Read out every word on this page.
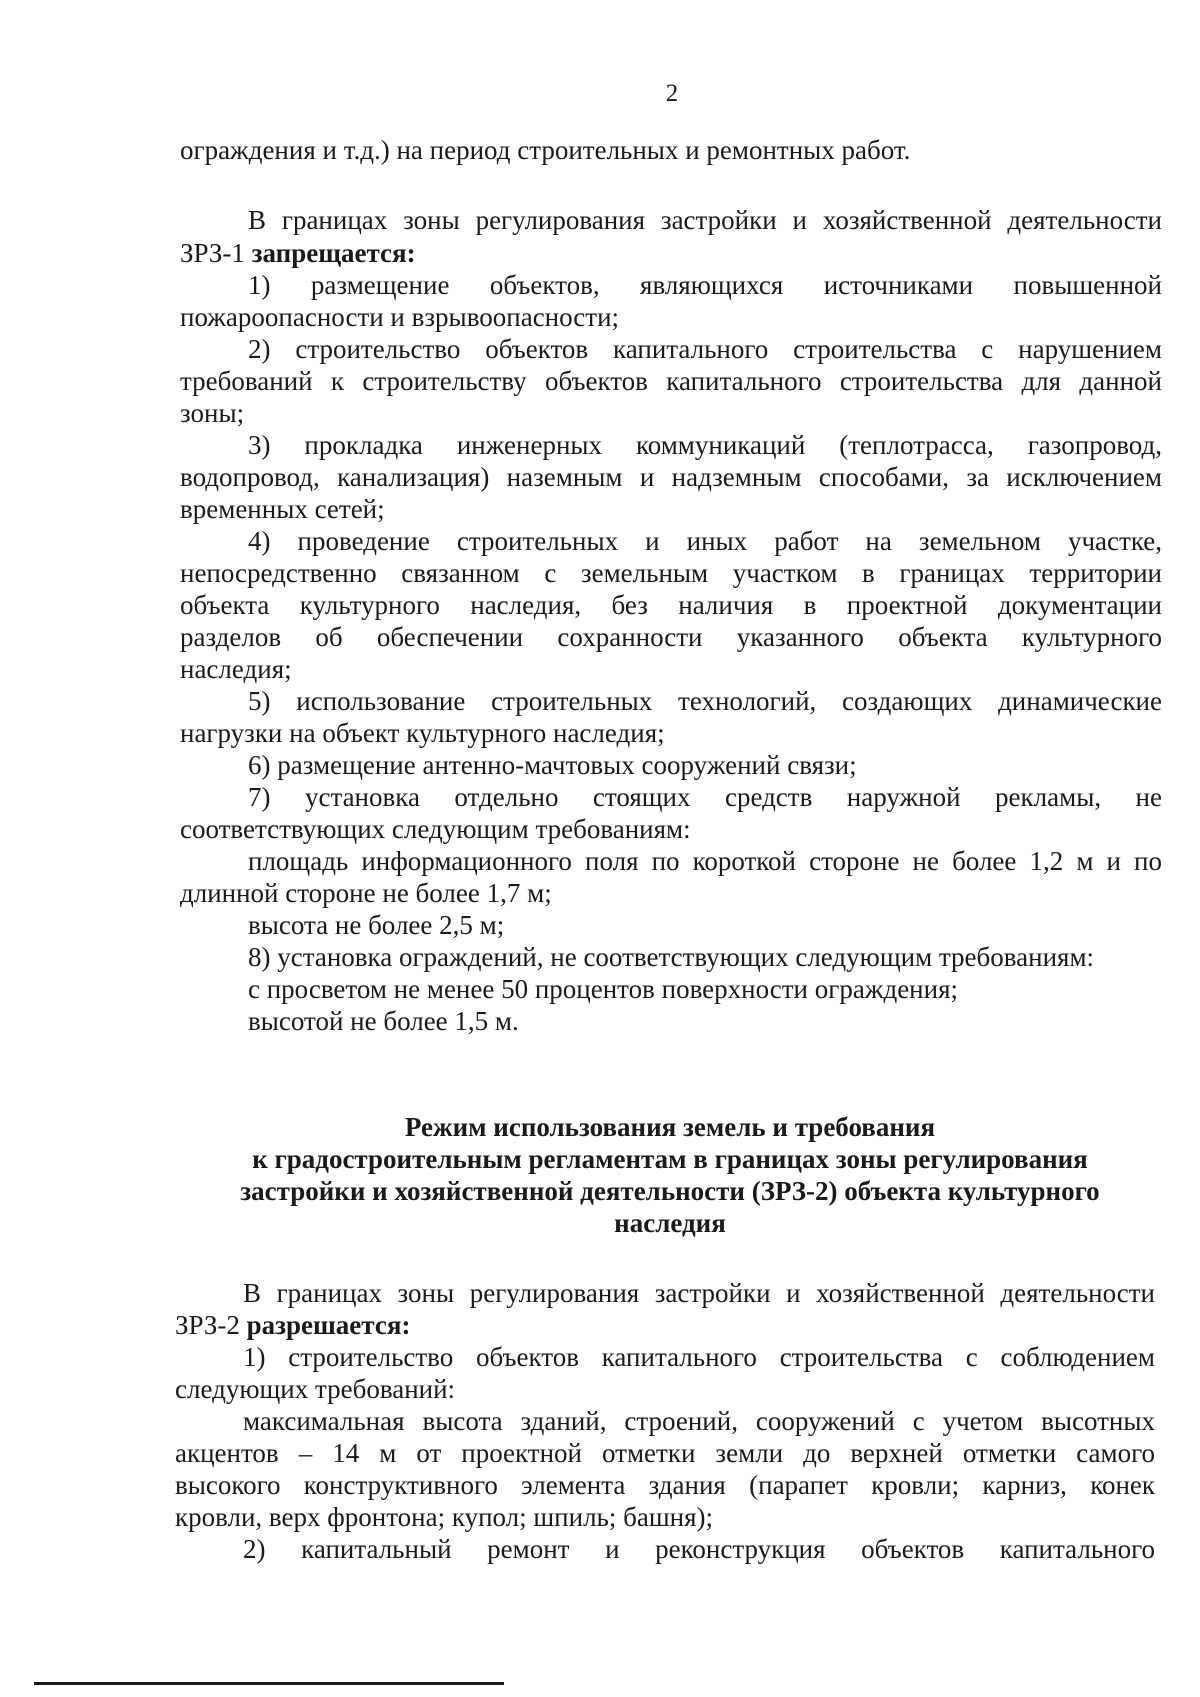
2
ограждения и т.д.) на период строительных и ремонтных работ.
В границах зоны регулирования застройки и хозяйственной деятельности
ЗРЗ-1 запрещается:
1) размещение объектов, являющихся источниками повышенной
пожароопасности и взрывоопасности;
2) строительство объектов капитального строительства с нарушением
требований к строительству объектов капитального строительства для данной
зоны;
3) прокладка инженерных коммуникаций (теплотрасса, газопровод,
водопровод, канализация) наземным и надземным способами, за исключением
временных сетей;
4) проведение строительных и иных работ на земельном участке,
непосредственно связанном с земельным участком в границах территории
объекта культурного наследия, без наличия в проектной документации
разделов об обеспечении сохранности указанного объекта культурного
наследия;
5) использование строительных технологий, создающих динамические
нагрузки на объект культурного наследия;
6) размещение антенно-мачтовых сооружений связи;
7) установка отдельно стоящих средств наружной рекламы, не
соответствующих следующим требованиям:
площадь информационного поля по короткой стороне не более 1,2 м и по
длинной стороне не более 1,7 м;
высота не более 2,5 м;
8) установка ограждений, не соответствующих следующим требованиям:
с просветом не менее 50 процентов поверхности ограждения;
высотой не более 1,5 м.
Режим использования земель и требования
к градостроительным регламентам в границах зоны регулирования
застройки и хозяйственной деятельности (ЗРЗ-2) объекта культурного
наследия
В границах зоны регулирования застройки и хозяйственной деятельности
ЗРЗ-2 разрешается:
1) строительство объектов капитального строительства с соблюдением
следующих требований:
максимальная высота зданий, строений, сооружений с учетом высотных
акцентов – 14 м от проектной отметки земли до верхней отметки самого
высокого конструктивного элемента здания (парапет кровли; карниз, конек
кровли, верх фронтона; купол; шпиль; башня);
2) капитальный ремонт и реконструкция объектов капитального
